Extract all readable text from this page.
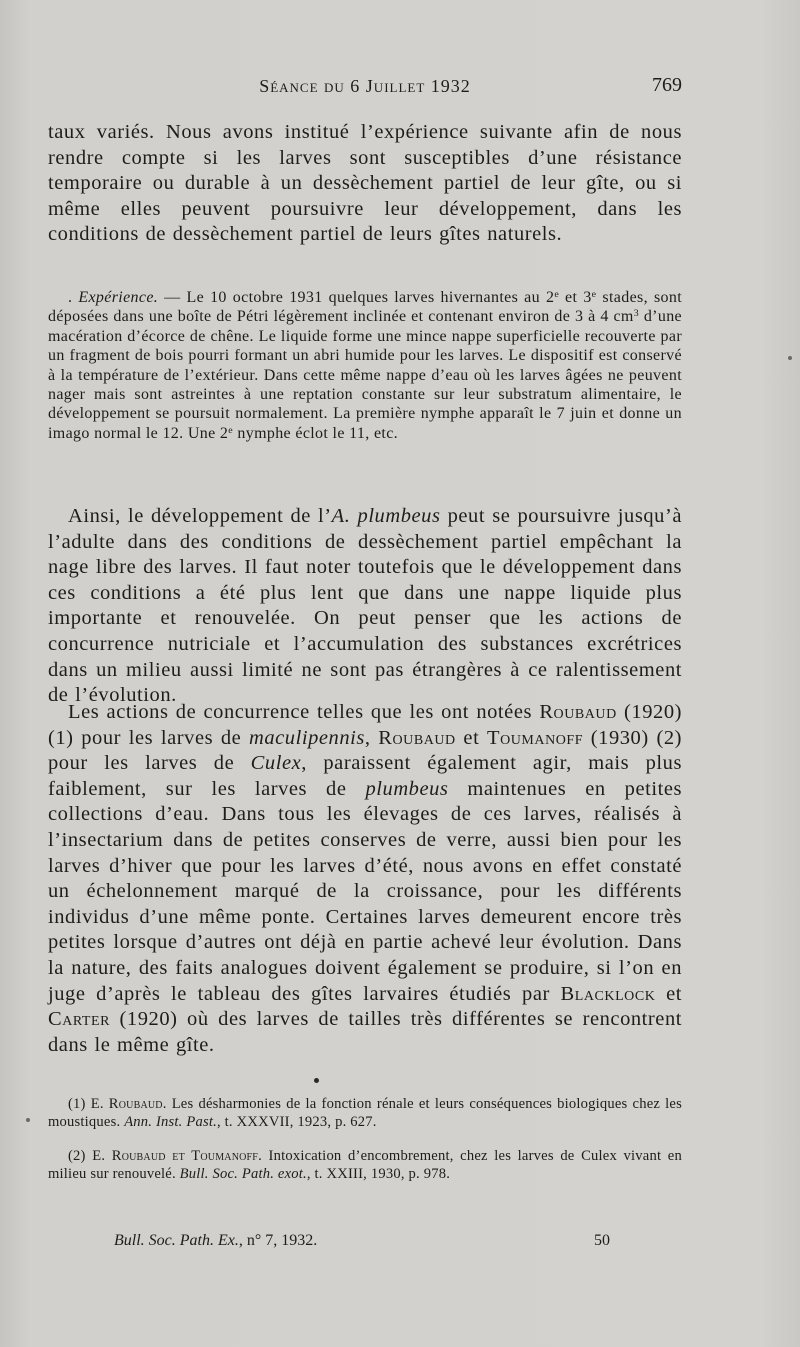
Séance du 6 Juillet 1932	769

taux variés. Nous avons institué l’expérience suivante afin de nous rendre compte si les larves sont susceptibles d’une résistance temporaire ou durable à un dessèchement partiel de leur gîte, ou si même elles peuvent poursuivre leur développement, dans les conditions de dessèchement partiel de leurs gîtes naturels.

. Expérience. — Le 10 octobre 1931 quelques larves hivernantes au 2e et 3e stades, sont déposées dans une boîte de Pétri légèrement inclinée et contenant environ de 3 à 4 $cm^3$ d’une macération d’écorce de chêne. Le liquide forme une mince nappe superficielle recouverte par un fragment de bois pourri formant un abri humide pour les larves. Le dispositif est conservé à la température de l’extérieur. Dans cette même nappe d’eau où les larves âgées ne peuvent nager mais sont astreintes à une reptation constante sur leur substratum alimentaire, le développement se poursuit normalement. La première nymphe apparaît le 7 juin et donne un imago normal le 12. Une 2e nymphe éclot le 11, etc.

Ainsi, le développement de l’A. plumbeus peut se poursuivre jusqu’à l’adulte dans des conditions de dessèchement partiel empêchant la nage libre des larves. Il faut noter toutefois que le développement dans ces conditions a été plus lent que dans une nappe liquide plus importante et renouvelée. On peut penser que les actions de concurrence nutriciale et l’accumulation des substances excrétrices dans un milieu aussi limité ne sont pas étrangères à ce ralentissement de l’évolution.

Les actions de concurrence telles que les ont notées Roubaud (1920) (1) pour les larves de maculipennis, Roubaud et Toumanoff (1930) (2) pour les larves de Culex, paraissent également agir, mais plus faiblement, sur les larves de plumbeus maintenues en petites collections d’eau. Dans tous les élevages de ces larves, réalisés à l’insectarium dans de petites conserves de verre, aussi bien pour les larves d’hiver que pour les larves d’été, nous avons en effet constaté un échelonnement marqué de la croissance, pour les différents individus d’une même ponte. Certaines larves demeurent encore très petites lorsque d’autres ont déjà en partie achevé leur évolution. Dans la nature, des faits analogues doivent également se produire, si l’on en juge d’après le tableau des gîtes larvaires étudiés par Blacklock et Carter (1920) où des larves de tailles très différentes se rencontrent dans le même gîte.

(1) E. Roubaud. Les désharmonies de la fonction rénale et leurs conséquences biologiques chez les moustiques. Ann. Inst. Past., t. XXXVII, 1923, p. 627.

(2) E. Roubaud et Toumanoff. Intoxication d’encombrement, chez les larves de Culex vivant en milieu sur renouvelé. Bull. Soc. Path. exot., t. XXIII, 1930, p. 978.

Bull. Soc. Path. Ex., n° 7, 1932.	50
